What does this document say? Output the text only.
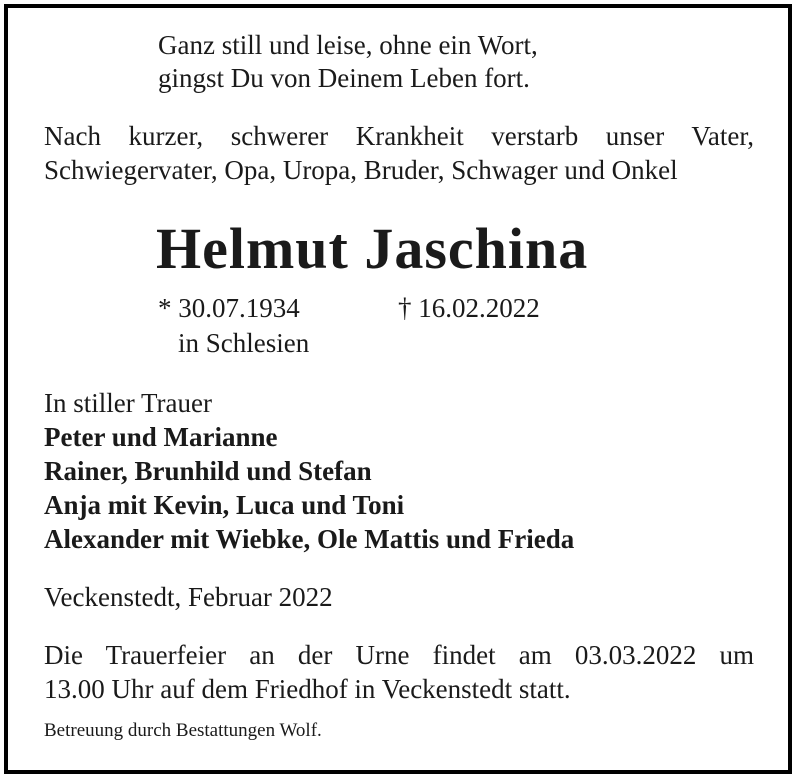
Ganz still und leise, ohne ein Wort,
gingst Du von Deinem Leben fort.
Nach kurzer, schwerer Krankheit verstarb unser Vater,
Schwiegervater, Opa, Uropa, Bruder, Schwager und Onkel
Helmut Jaschina
* 30.07.1934	† 16.02.2022
in Schlesien
In stiller Trauer
Peter und Marianne
Rainer, Brunhild und Stefan
Anja mit Kevin, Luca und Toni
Alexander mit Wiebke, Ole Mattis und Frieda
Veckenstedt, Februar 2022
Die Trauerfeier an der Urne findet am 03.03.2022 um
13.00 Uhr auf dem Friedhof in Veckenstedt statt.
Betreuung durch Bestattungen Wolf.
